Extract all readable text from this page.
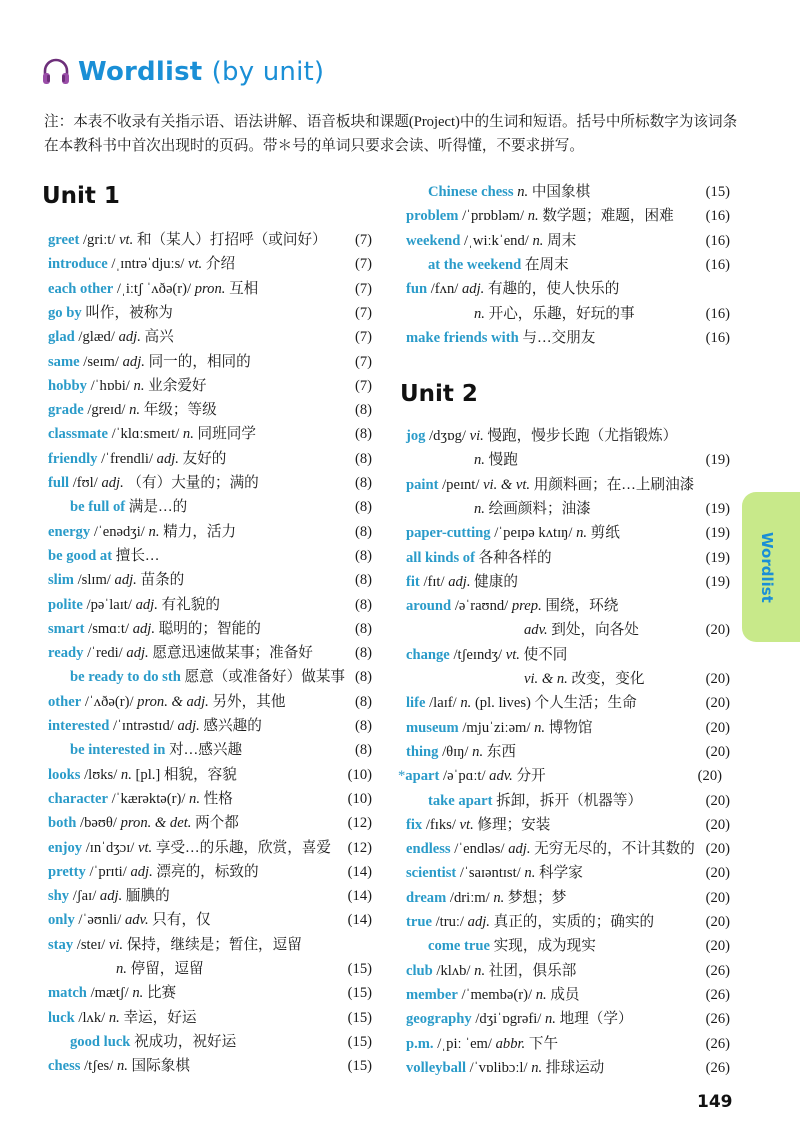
Wordlist (by unit)
注：本表不收录有关指示语、语法讲解、语音板块和课题(Project)中的生词和短语。括号中所标数字为该词条在本教科书中首次出现时的页码。带＊号的单词只要求会读、听得懂，不要求拼写。
Unit 1
greet /griːt/ vt. 和（某人）打招呼（或问好） (7)
introduce /ˌɪntrəˈdjuːs/ vt. 介绍	(7)
each other /ˌiːtʃ ˈʌðə(r)/ pron. 互相	(7)
go by 叫作，被称为	(7)
glad /glæd/ adj. 高兴	(7)
same /seɪm/ adj. 同一的，相同的	(7)
hobby /ˈhɒbi/ n. 业余爱好	(7)
grade /greɪd/ n. 年级；等级	(8)
classmate /ˈklɑːsmeɪt/ n. 同班同学	(8)
friendly /ˈfrendli/ adj. 友好的	(8)
full /fʊl/ adj. （有）大量的；满的	(8)
be full of 满是…的	(8)
energy /ˈenədʒi/ n. 精力，活力	(8)
be good at 擅长…	(8)
slim /slɪm/ adj. 苗条的	(8)
polite /pəˈlaɪt/ adj. 有礼貌的	(8)
smart /smɑːt/ adj. 聪明的；智能的	(8)
ready /ˈredi/ adj. 愿意迅速做某事；准备好	(8)
be ready to do sth 愿意（或准备好）做某事 (8)
other /ˈʌðə(r)/ pron. & adj. 另外，其他	(8)
interested /ˈɪntrəstɪd/ adj. 感兴趣的	(8)
be interested in 对…感兴趣	(8)
looks /lʊks/ n. [pl.] 相貌，容貌	(10)
character /ˈkærəktə(r)/ n. 性格	(10)
both /bəʊθ/ pron. & det. 两个都	(12)
enjoy /ɪnˈdʒɔɪ/ vt. 享受…的乐趣，欣赏，喜爱 (12)
pretty /ˈprɪti/ adj. 漂亮的，标致的	(14)
shy /ʃaɪ/ adj. 腼腆的	(14)
only /ˈəʊnli/ adv. 只有，仅	(14)
stay /steɪ/ vi. 保持，继续是；暂住，逗留
n. 停留，逗留	(15)
match /mætʃ/ n. 比赛	(15)
luck /lʌk/ n. 幸运，好运	(15)
good luck 祝成功，祝好运	(15)
chess /tʃes/ n. 国际象棋	(15)
Chinese chess n. 中国象棋	(15)
problem /ˈprɒbləm/ n. 数学题；难题，困难 (16)
weekend /ˌwiːkˈend/ n. 周末	(16)
at the weekend 在周末	(16)
fun /fʌn/ adj. 有趣的，使人快乐的
n. 开心，乐趣，好玩的事	(16)
make friends with 与…交朋友	(16)
Unit 2
jog /dʒɒg/ vi. 慢跑，慢步长跑（尤指锻炼）
n. 慢跑	(19)
paint /peɪnt/ vi. & vt. 用颜料画；在…上刷油漆
n. 绘画颜料；油漆	(19)
paper-cutting /ˈpeɪpə kʌtɪŋ/ n. 剪纸	(19)
all kinds of 各种各样的	(19)
fit /fɪt/ adj. 健康的	(19)
around /əˈraʊnd/ prep. 围绕，环绕
adv. 到处，向各处	(20)
change /tʃeɪndʒ/ vt. 使不同
vi. & n. 改变，变化	(20)
life /laɪf/ n. (pl. lives) 个人生活；生命	(20)
museum /mjuˈziːəm/ n. 博物馆	(20)
thing /θɪŋ/ n. 东西	(20)
*apart /əˈpɑːt/ adv. 分开	(20)
take apart 拆卸，拆开（机器等）	(20)
fix /fɪks/ vt. 修理；安装	(20)
endless /ˈendləs/ adj. 无穷无尽的，不计其数的 (20)
scientist /ˈsaɪəntɪst/ n. 科学家	(20)
dream /driːm/ n. 梦想；梦	(20)
true /truː/ adj. 真正的，实质的；确实的	(20)
come true 实现，成为现实	(20)
club /klʌb/ n. 社团，俱乐部	(26)
member /ˈmembə(r)/ n. 成员	(26)
geography /dʒiˈɒgrəfi/ n. 地理（学）	(26)
p.m. /ˌpiː ˈem/ abbr. 下午	(26)
volleyball /ˈvɒlibɔːl/ n. 排球运动	(26)
Wordlist
149
